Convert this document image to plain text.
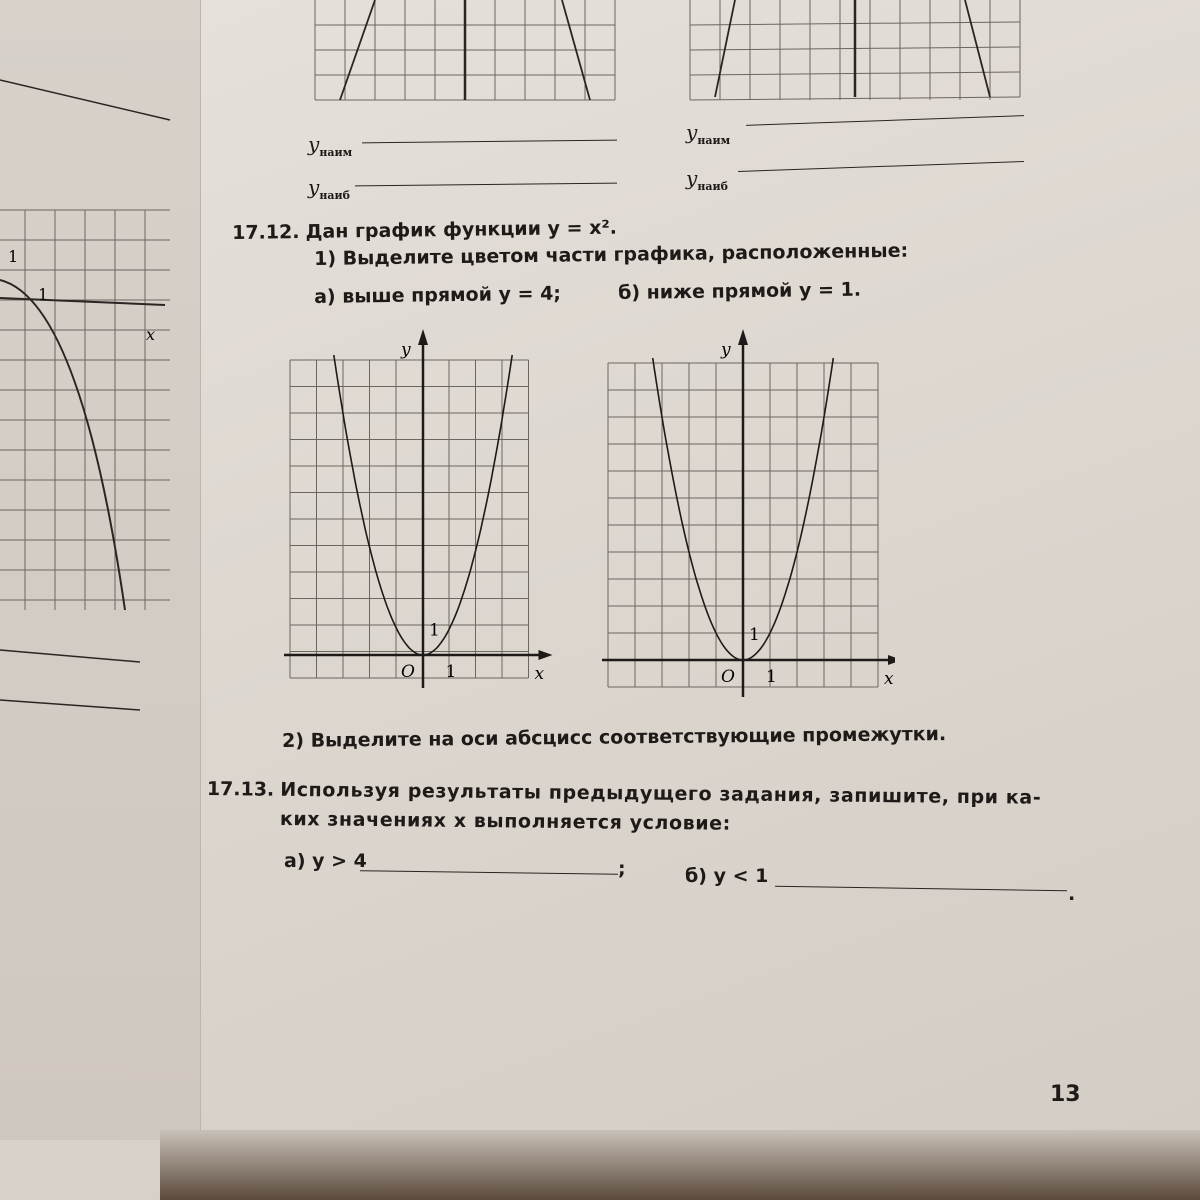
1
1
x
$y_{наим}$
$y_{наиб}$
$y_{наим}$
$y_{наиб}$
17.12. Дан график функции y = x².
1) Выделите цветом части графика, расположенные:
а) выше прямой y = 4;	б) ниже прямой y = 1.
y
x
O 1
1
y
x
O 1
1
2) Выделите на оси абсцисс соответствующие промежутки.
17.13. Используя результаты предыдущего задания, запишите, при ка-
ких значениях x выполняется условие:
а) y > 4	;	б) y < 1
.
13
